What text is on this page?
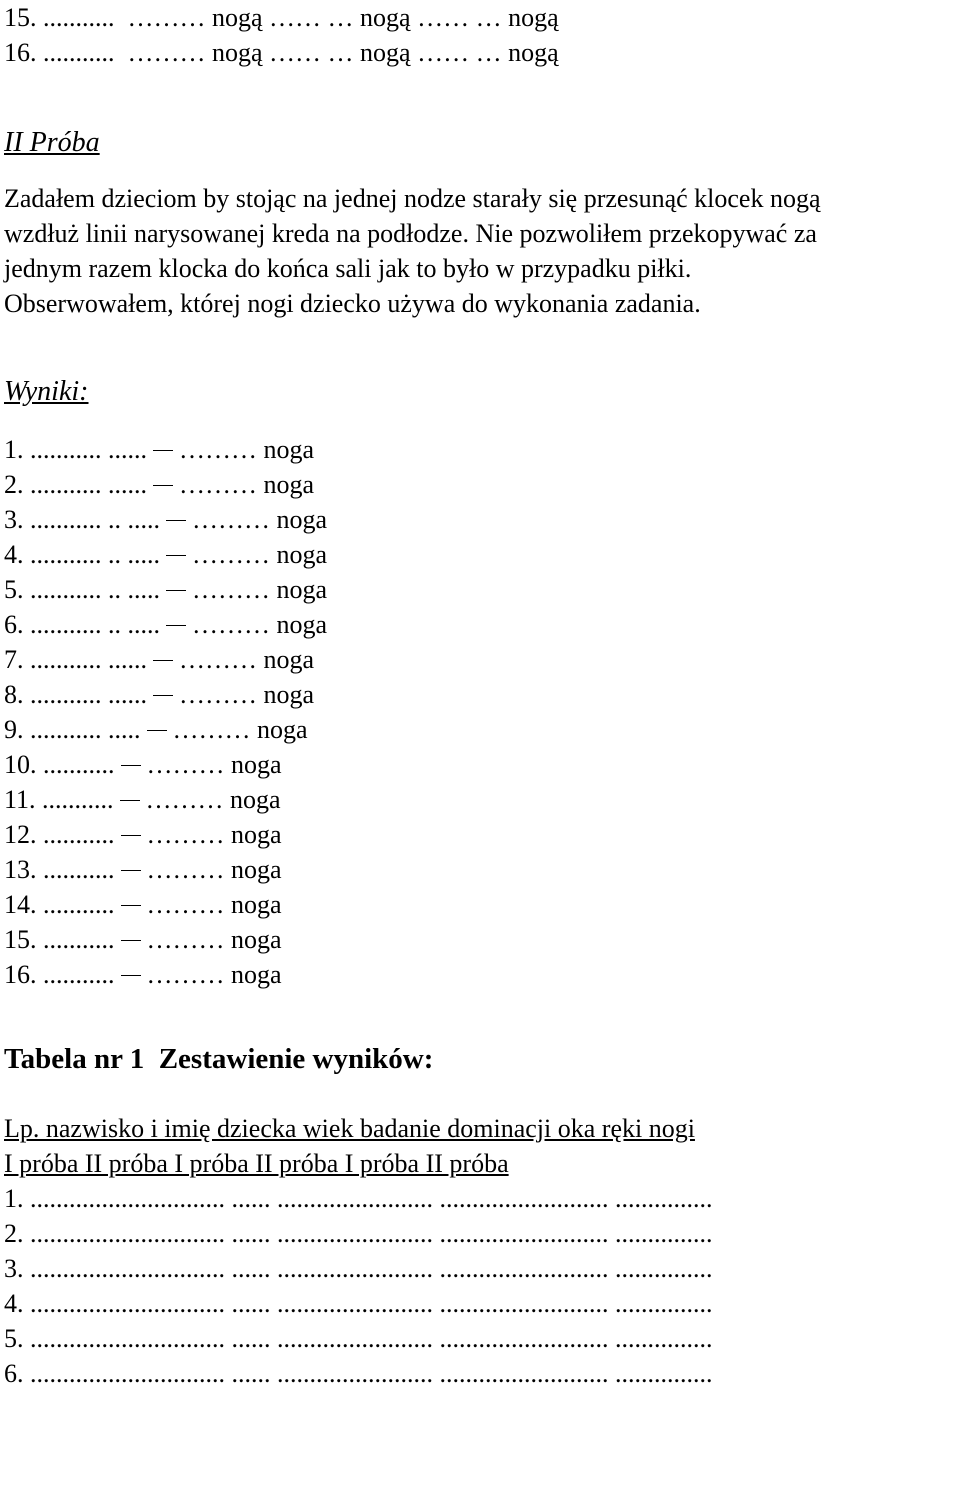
15. ...........  ……… nogą …… … nogą …… … nogą
16. ...........  ……… nogą …… … nogą …… … nogą
II Próba
Zadałem dzieciom by stojąc na jednej nodze starały się przesunąć klocek nogą
wzdłuż linii narysowanej kreda na podłodze. Nie pozwoliłem przekopywać za
jednym razem klocka do końca sali jak to było w przypadku piłki.
Obserwowałem, której nogi dziecko używa do wykonania zadania.
Wyniki:
1. ........... ...... ……… noga
2. ........... ...... ……… noga
3. ........... .. ..... ……… noga
4. ........... .. ..... ……… noga
5. ........... .. ..... ……… noga
6. ........... .. ..... ……… noga
7. ........... ...... ……… noga
8. ........... ...... ……… noga
9. ........... ..... ……… noga
10. ........... ……… noga
11. ........... ……… noga
12. ........... ……… noga
13. ........... ……… noga
14. ........... ……… noga
15. ........... ……… noga
16. ........... ……… noga
Tabela nr 1  Zestawienie wyników:
Lp. nazwisko i imię dziecka wiek badanie dominacji oka ręki nogi
I próba II próba I próba II próba I próba II próba
1. .............................. ...... ........................ .......................... ...............
2. .............................. ...... ........................ .......................... ...............
3. .............................. ...... ........................ .......................... ...............
4. .............................. ...... ........................ .......................... ...............
5. .............................. ...... ........................ .......................... ...............
6. .............................. ...... ........................ .......................... ...............
